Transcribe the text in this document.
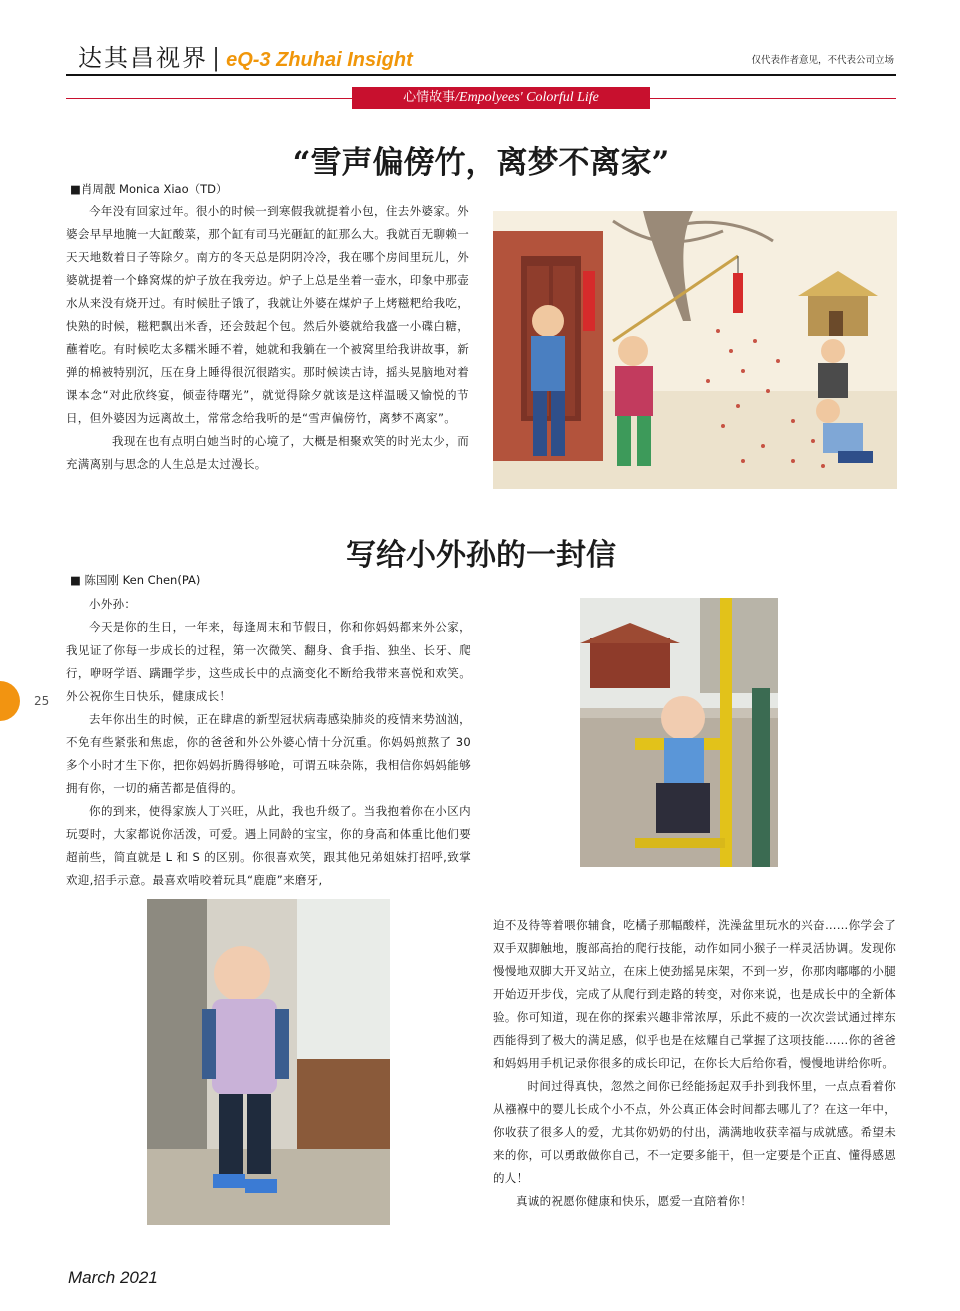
达其昌视界 | eQ-3 Zhuhai Insight	仅代表作者意见，不代表公司立场
心情故事/Empolyees' Colorful Life
“雪声偏傍竹，离梦不离家”
■肖周靓 Monica Xiao（TD）

今年没有回家过年。很小的时候一到寒假我就提着小包，住去外婆家。外婆会早早地腌一大缸酸菜，那个缸有司马光砸缸的缸那么大。我就百无聊赖一天天地数着日子等除夕。南方的冬天总是阴阴冷冷，我在哪个房间里玩儿，外婆就提着一个蜂窝煤的炉子放在我旁边。炉子上总是坐着一壶水，印象中那壶水从来没有烧开过。有时候肚子饿了，我就让外婆在煤炉子上烤糍粑给我吃，快熟的时候，糍粑飘出米香，还会鼓起个包。然后外婆就给我盛一小碟白糖，蘸着吃。有时候吃太多糯米睡不着，她就和我躺在一个被窝里给我讲故事，新弹的棉被特别沉，压在身上睡得很沉很踏实。那时候读古诗，摇头晃脑地对着课本念“对此欣终宴，倾壶待曙光”，就觉得除夕就该是这样温暖又愉悦的节日，但外婆因为远离故土，常常念给我听的是“雪声偏傍竹，离梦不离家”。

我现在也有点明白她当时的心境了，大概是相聚欢笑的时光太少，而充满离别与思念的人生总是太过漫长。

写给小外孙的一封信
■ 陈国刚 Ken Chen(PA)

小外孙：

今天是你的生日，一年来，每逢周末和节假日，你和你妈妈都来外公家，我见证了你每一步成长的过程，第一次微笑、翻身、食手指、独坐、长牙、爬行，咿呀学语、蹒跚学步，这些成长中的点滴变化不断给我带来喜悦和欢笑。外公祝你生日快乐，健康成长！

去年你出生的时候，正在肆虐的新型冠状病毒感染肺炎的疫情来势汹汹，不免有些紧张和焦虑，你的爸爸和外公外婆心情十分沉重。你妈妈煎熬了 30 多个小时才生下你，把你妈妈折腾得够呛，可谓五味杂陈，我相信你妈妈能够拥有你，一切的痛苦都是值得的。

你的到来，使得家族人丁兴旺，从此，我也升级了。当我抱着你在小区内玩耍时，大家都说你活泼，可爱。遇上同龄的宝宝，你的身高和体重比他们要超前些，简直就是 L 和 S 的区别。你很喜欢笑，跟其他兄弟姐妹打招呼,致掌欢迎,招手示意。最喜欢啃咬着玩具“鹿鹿”来磨牙,

迫不及待等着喂你辅食，吃橘子那幅酸样，洗澡盆里玩水的兴奋……你学会了双手双脚触地，腹部高抬的爬行技能，动作如同小猴子一样灵活协调。发现你慢慢地双脚大开叉站立，在床上使劲摇晃床架，不到一岁，你那肉嘟嘟的小腿开始迈开步伐，完成了从爬行到走路的转变，对你来说，也是成长中的全新体验。你可知道，现在你的探索兴趣非常浓厚，乐此不疲的一次次尝试通过摔东西能得到了极大的满足感，似乎也是在炫耀自己掌握了这项技能……你的爸爸和妈妈用手机记录你很多的成长印记，在你长大后给你看，慢慢地讲给你听。

时间过得真快，忽然之间你已经能扬起双手扑到我怀里，一点点看着你从襁褓中的婴儿长成个小不点，外公真正体会时间都去哪儿了？在这一年中，你收获了很多人的爱，尤其你奶奶的付出，满满地收获幸福与成就感。希望未来的你，可以勇敢做你自己，不一定要多能干，但一定要是个正直、懂得感恩的人！

真诚的祝愿你健康和快乐，愿爱一直陪着你！

25
March 2021
